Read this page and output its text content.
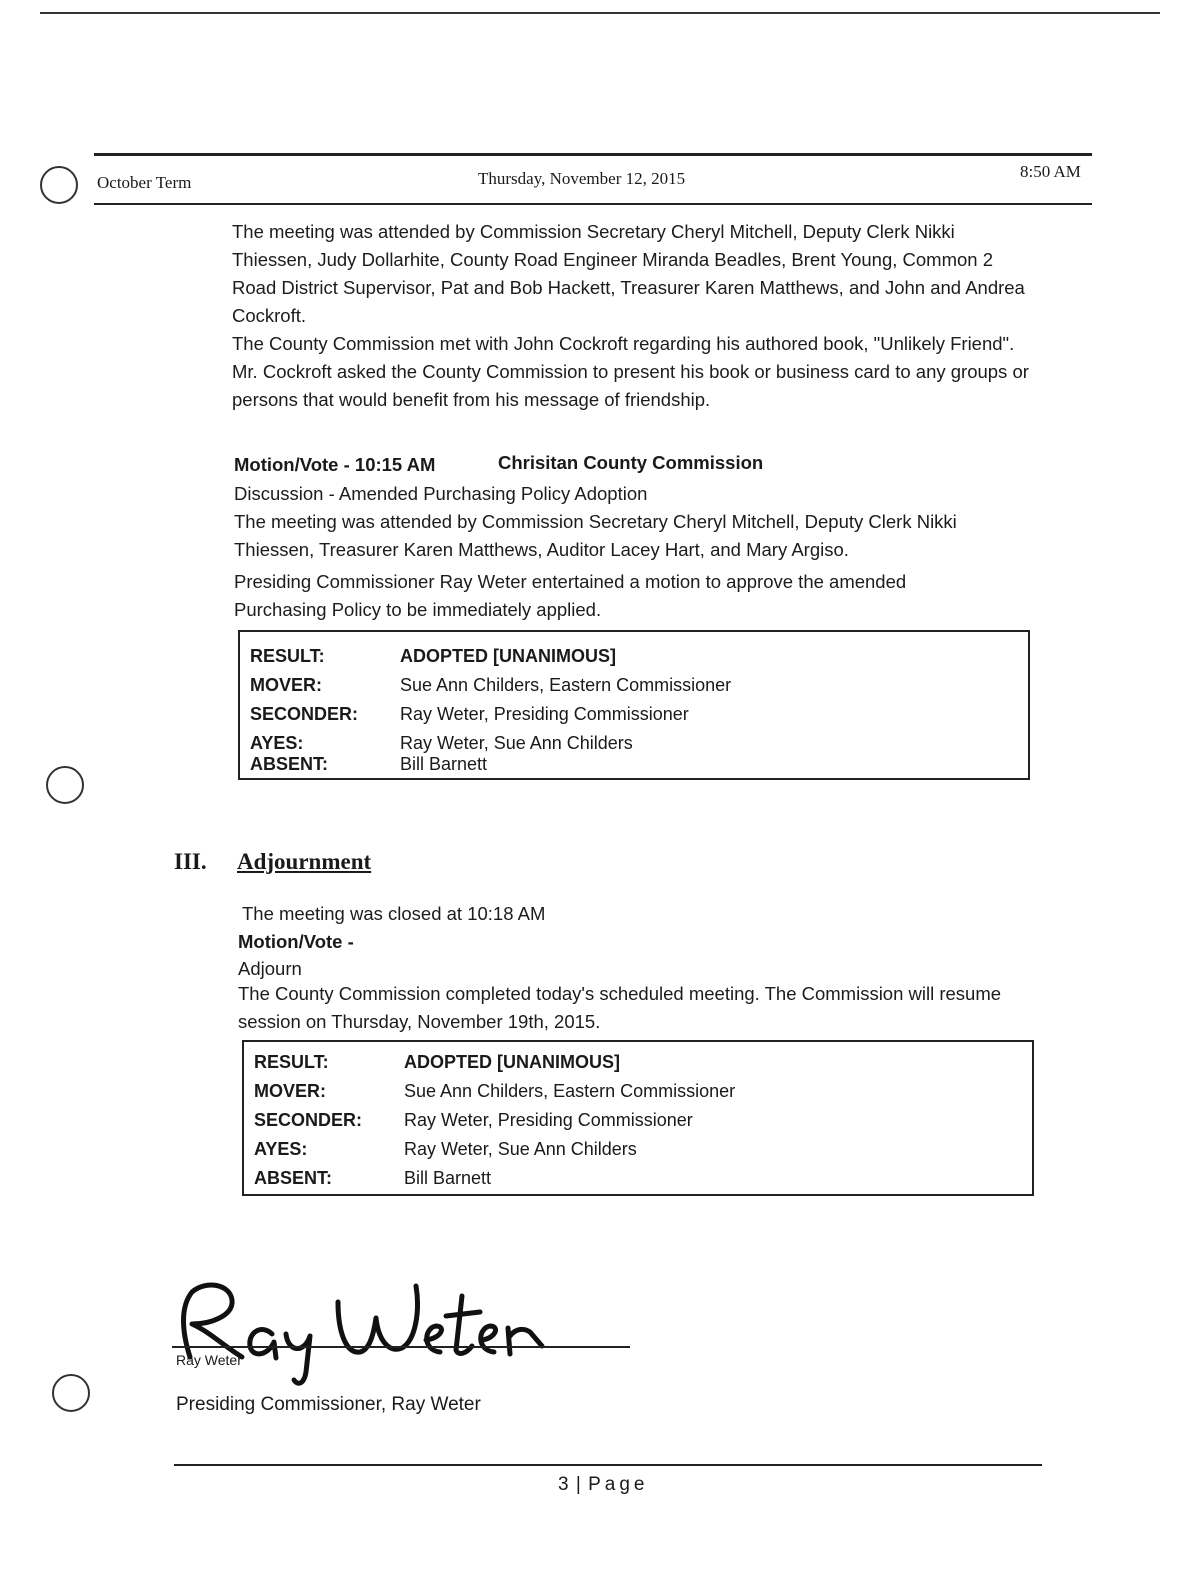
October Term	Thursday, November 12, 2015	8:50 AM
The meeting was attended by Commission Secretary Cheryl Mitchell, Deputy Clerk Nikki Thiessen, Judy Dollarhite, County Road Engineer Miranda Beadles, Brent Young, Common 2 Road District Supervisor, Pat and Bob Hackett, Treasurer Karen Matthews, and John and Andrea Cockroft.
The County Commission met with John Cockroft regarding his authored book, "Unlikely Friend". Mr. Cockroft asked the County Commission to present his book or business card to any groups or persons that would benefit from his message of friendship.
Motion/Vote - 10:15 AM	Chrisitan County Commission
Discussion - Amended Purchasing Policy Adoption
The meeting was attended by Commission Secretary Cheryl Mitchell, Deputy Clerk Nikki Thiessen, Treasurer Karen Matthews, Auditor Lacey Hart, and Mary Argiso.
Presiding Commissioner Ray Weter entertained a motion to approve the amended Purchasing Policy to be immediately applied.
RESULT:	ADOPTED [UNANIMOUS]
MOVER:	Sue Ann Childers, Eastern Commissioner
SECONDER:	Ray Weter, Presiding Commissioner
AYES:	Ray Weter, Sue Ann Childers
ABSENT:	Bill Barnett
III. Adjournment
The meeting was closed at 10:18 AM
Motion/Vote -
Adjourn
The County Commission completed today's scheduled meeting. The Commission will resume session on Thursday, November 19th, 2015.
RESULT:	ADOPTED [UNANIMOUS]
MOVER:	Sue Ann Childers, Eastern Commissioner
SECONDER:	Ray Weter, Presiding Commissioner
AYES:	Ray Weter, Sue Ann Childers
ABSENT:	Bill Barnett
Ray Weter
Presiding Commissioner, Ray Weter
3 | Page
